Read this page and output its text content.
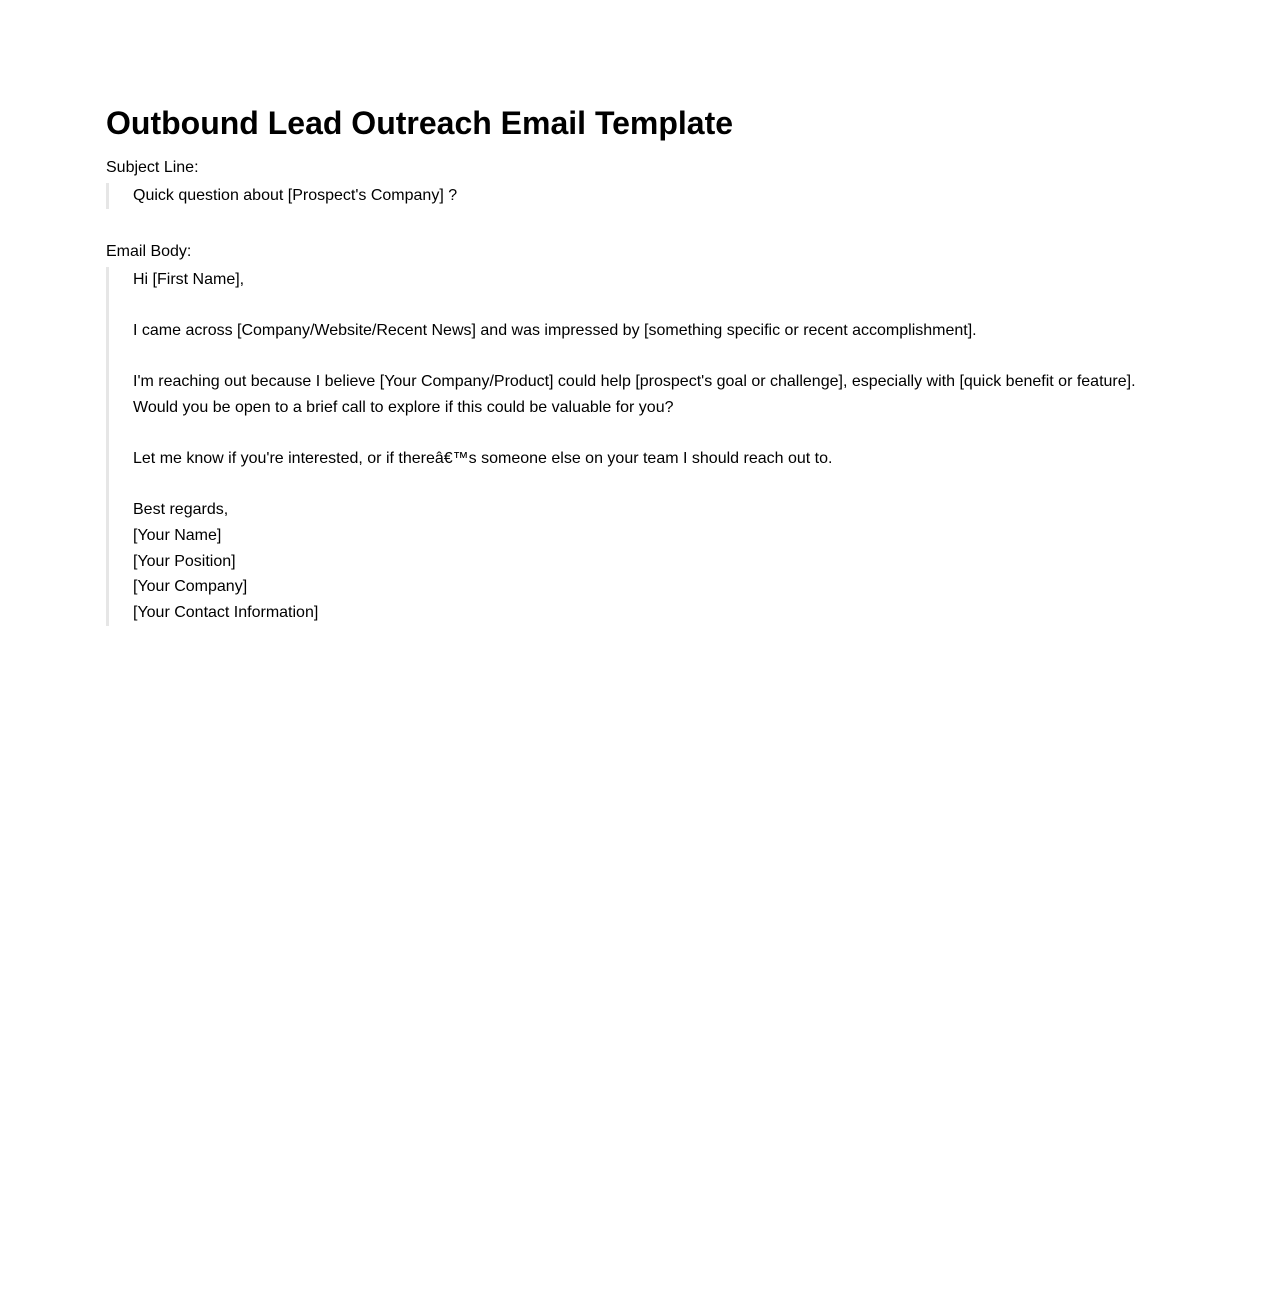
Outbound Lead Outreach Email Template
Subject Line:
Quick question about [Prospect's Company] ?
Email Body:
Hi [First Name],
I came across [Company/Website/Recent News] and was impressed by [something specific or recent accomplishment].
I'm reaching out because I believe [Your Company/Product] could help [prospect's goal or challenge], especially with [quick benefit or feature].
Would you be open to a brief call to explore if this could be valuable for you?
Let me know if you're interested, or if thereâ€™s someone else on your team I should reach out to.
Best regards,
[Your Name]
[Your Position]
[Your Company]
[Your Contact Information]
